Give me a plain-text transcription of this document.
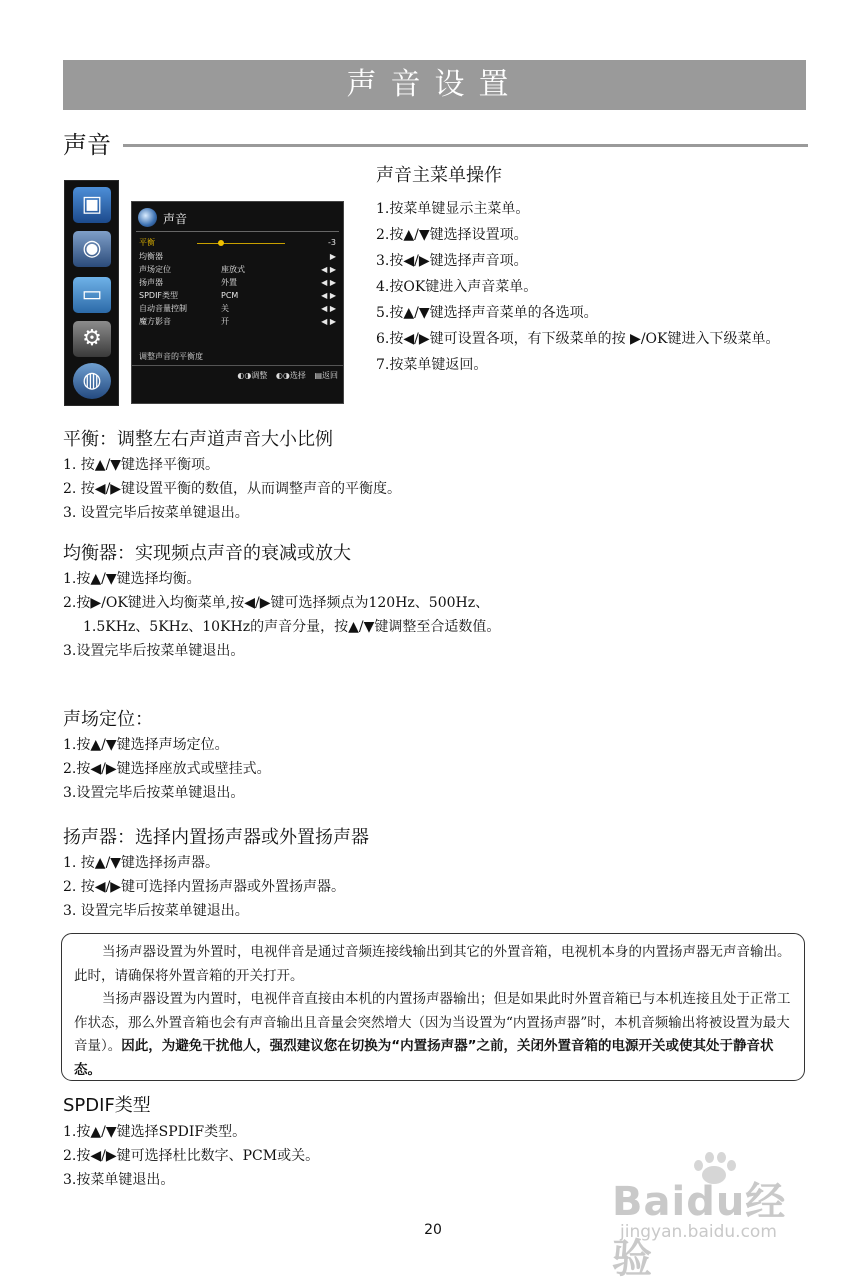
声音设置
声音
▣
◉
▭
⚙
◍
声音
平衡	-3
均衡器	▶
声场定位	座放式	◀ ▶
扬声器	外置	◀ ▶
SPDIF类型	PCM	◀ ▶
自动音量控制	关	◀ ▶
魔方影音	开	◀ ▶
调整声音的平衡度
◐◑调整 ◐◑选择 ▤返回
声音主菜单操作
1.按菜单键显示主菜单。
2.按▲/▼键选择设置项。
3.按◀/▶键选择声音项。
4.按OK键进入声音菜单。
5.按▲/▼键选择声音菜单的各选项。
6.按◀/▶键可设置各项，有下级菜单的按 ▶/OK键进入下级菜单。
7.按菜单键返回。
平衡：调整左右声道声音大小比例
1. 按▲/▼键选择平衡项。
2. 按◀/▶键设置平衡的数值，从而调整声音的平衡度。
3. 设置完毕后按菜单键退出。
均衡器：实现频点声音的衰减或放大
1.按▲/▼键选择均衡。
2.按▶/OK键进入均衡菜单,按◀/▶键可选择频点为120Hz、500Hz、1.5KHz、5KHz、10KHz的声音分量，按▲/▼键调整至合适数值。
3.设置完毕后按菜单键退出。
声场定位：
1.按▲/▼键选择声场定位。
2.按◀/▶键选择座放式或壁挂式。
3.设置完毕后按菜单键退出。
扬声器：选择内置扬声器或外置扬声器
1. 按▲/▼键选择扬声器。
2. 按◀/▶键可选择内置扬声器或外置扬声器。
3. 设置完毕后按菜单键退出。

当扬声器设置为外置时，电视伴音是通过音频连接线输出到其它的外置音箱，电视机本身的内置扬声器无声音输出。此时，请确保将外置音箱的开关打开。

当扬声器设置为内置时，电视伴音直接由本机的内置扬声器输出；但是如果此时外置音箱已与本机连接且处于正常工作状态，那么外置音箱也会有声音输出且音量会突然增大（因为当设置为“内置扬声器”时，本机音频输出将被设置为最大音量）。因此，为避免干扰他人，强烈建议您在切换为“内置扬声器”之前，关闭外置音箱的电源开关或使其处于静音状态。

SPDIF类型
1.按▲/▼键选择SPDIF类型。
2.按◀/▶键可选择杜比数字、PCM或关。
3.按菜单键退出。
20
Baidu经验
jingyan.baidu.com
